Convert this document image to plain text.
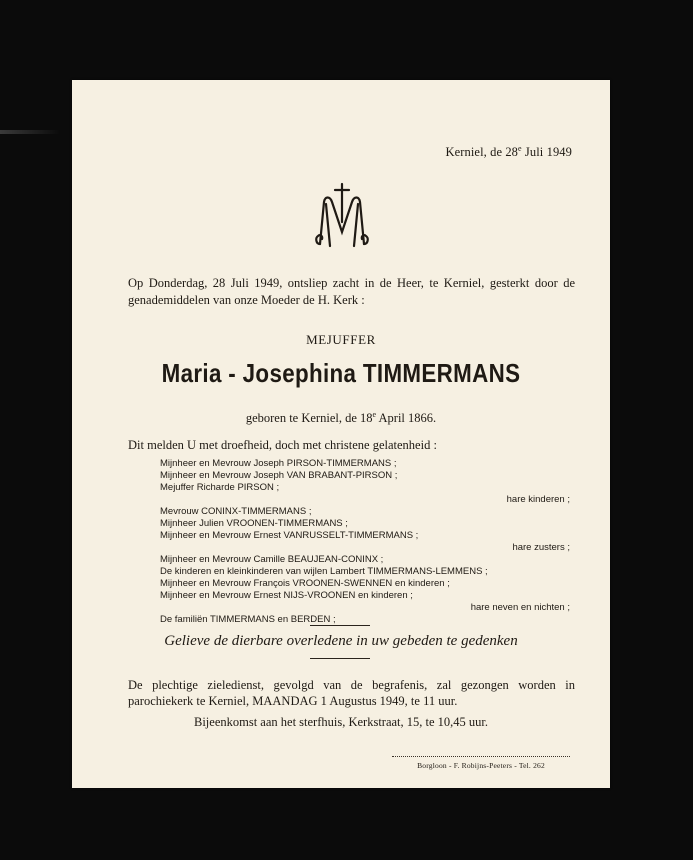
Kerniel, de 28e Juli 1949
Op Donderdag, 28 Juli 1949, ontsliep zacht in de Heer, te Kerniel, gesterkt door de genademiddelen van onze Moeder de H. Kerk :
MEJUFFER
Maria - Josephina TIMMERMANS
geboren te Kerniel, de 18e April 1866.
Dit melden U met droefheid, doch met christene gelatenheid :
Mijnheer en Mevrouw Joseph PIRSON-TIMMERMANS ;
Mijnheer en Mevrouw Joseph VAN BRABANT-PIRSON ;
Mejuffer Richarde PIRSON ;
hare kinderen ;
Mevrouw CONINX-TIMMERMANS ;
Mijnheer Julien VROONEN-TIMMERMANS ;
Mijnheer en Mevrouw Ernest VANRUSSELT-TIMMERMANS ;
hare zusters ;
Mijnheer en Mevrouw Camille BEAUJEAN-CONINX ;
De kinderen en kleinkinderen van wijlen Lambert TIMMERMANS-LEMMENS ;
Mijnheer en Mevrouw François VROONEN-SWENNEN en kinderen ;
Mijnheer en Mevrouw Ernest NIJS-VROONEN en kinderen ;
hare neven en nichten ;
De familiën TIMMERMANS en BERDEN ;
Gelieve de dierbare overledene in uw gebeden te gedenken
De plechtige zieledienst, gevolgd van de begrafenis, zal gezongen worden in parochiekerk te Kerniel, MAANDAG 1 Augustus 1949, te 11 uur.
Bijeenkomst aan het sterfhuis, Kerkstraat, 15, te 10,45 uur.
Borgloon - F. Robijns-Peeters - Tel. 262
